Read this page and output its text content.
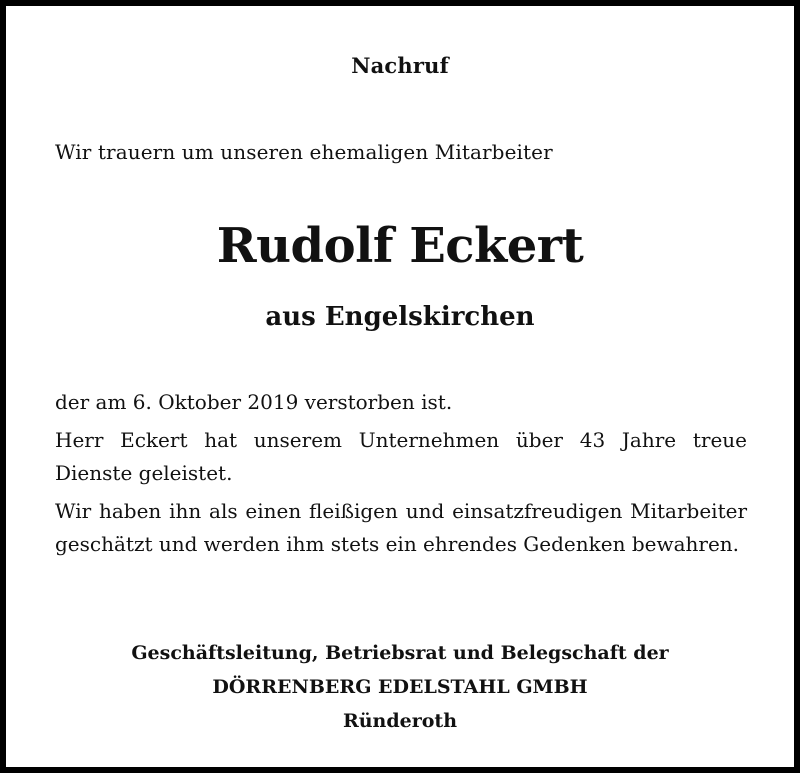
Nachruf
Wir trauern um unseren ehemaligen Mitarbeiter
Rudolf Eckert
aus Engelskirchen

der am 6. Oktober 2019 verstorben ist.

Herr Eckert hat unserem Unternehmen über 43 Jahre treue Dienste geleistet.

Wir haben ihn als einen fleißigen und einsatzfreudigen Mitarbeiter geschätzt und werden ihm stets ein ehrendes Gedenken bewahren.

Geschäftsleitung, Betriebsrat und Belegschaft der
DÖRRENBERG EDELSTAHL GMBH
Ründeroth
